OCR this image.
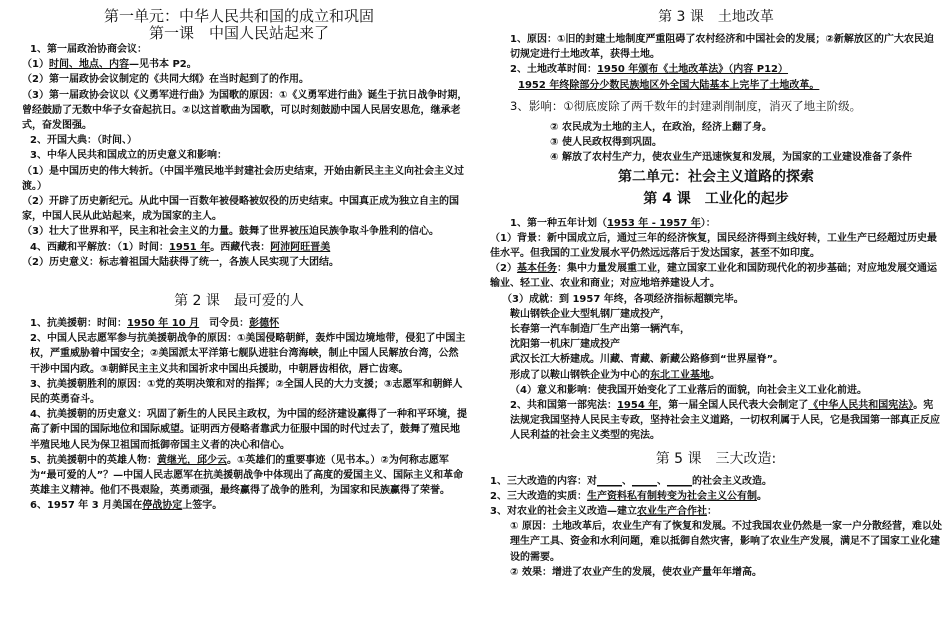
第一单元：中华人民共和国的成立和巩固

第一课　中国人民站起来了

1、第一届政治协商会议：

（1）时间、地点、内容—见书本 P2。

（2）第一届政协会议制定的《共同大纲》在当时起到了的作用。

（3）第一届政协会议以《义勇军进行曲》为国歌的原因：①《义勇军进行曲》诞生于抗日战争时期，曾经鼓励了无数中华子女奋起抗日。②以这首歌曲为国歌，可以时刻鼓励中国人民居安思危，继承老式，奋发图强。

2、开国大典：（时间、）

3、中华人民共和国成立的历史意义和影响：

（1）是中国历史的伟大转折。（中国半殖民地半封建社会历史结束，开始由新民主主义向社会主义过渡。）

（2）开辟了历史新纪元。从此中国一百数年被侵略被奴役的历史结束。中国真正成为独立自主的国家，中国人民从此站起来，成为国家的主人。

（3）壮大了世界和平，民主和社会主义的力量。鼓舞了世界被压迫民族争取斗争胜利的信心。

4、西藏和平解放：（1）时间：1951 年。西藏代表：阿沛阿旺晋美

（2）历史意义：标志着祖国大陆获得了统一，各族人民实现了大团结。

第 2 课　最可爱的人

1、抗美援朝：时间：1950 年 10 月　司令员：彭德怀

2、中国人民志愿军参与抗美援朝战争的原因：①美国侵略朝鲜，轰炸中国边境地带，侵犯了中国主权，严重威胁着中国安全；②美国派太平洋第七舰队进驻台湾海峡，制止中国人民解放台湾，公然干涉中国内政。③朝鲜民主主义共和国祈求中国出兵援助，中朝唇齿相依，唇亡齿寒。

3、抗美援朝胜利的原因：①党的英明决策和对的指挥；②全国人民的大力支援；③志愿军和朝鲜人民的英勇奋斗。

4、抗美援朝的历史意义：巩固了新生的人民民主政权，为中国的经济建设赢得了一种和平环境，提高了新中国的国际地位和国际威望。证明西方侵略者靠武力征服中国的时代过去了，鼓舞了殖民地半殖民地人民为保卫祖国而抵御帝国主义者的决心和信心。

5、抗美援朝中的英雄人物：黄继光，邱少云。①英雄们的重要事迹（见书本。）②为何称志愿军为“最可爱的人”？—中国人民志愿军在抗美援朝战争中体现出了高度的爱国主义、国际主义和革命英雄主义精神。他们不畏艰险，英勇顽强，最终赢得了战争的胜利，为国家和民族赢得了荣誉。

6、1957 年 3 月美国在停战协定上签字。

第 3 课　土地改革

1、原因：①旧的封建土地制度严重阻碍了农村经济和中国社会的发展；②新解放区的广大农民迫切规定进行土地改革，获得土地。

2、土地改革时间：1950 年颁布《土地改革法》（内容 P12）

1952 年终除部分少数民族地区外全国大陆基本上完毕了土地改革。

3、影响：①彻底废除了两千数年的封建剥削制度，消灭了地主阶级。

② 农民成为土地的主人，在政治，经济上翻了身。

③ 使人民政权得到巩固。

④ 解放了农村生产力，使农业生产迅速恢复和发展，为国家的工业建设准备了条件

第二单元：社会主义道路的探索

第 4 课　工业化的起步

1、第一种五年计划（1953 年 - 1957 年）：

（1）背景：新中国成立后，通过三年的经济恢复，国民经济得到主线好转，工业生产已经超过历史最佳水平。但我国的工业发展水平仍然远远落后于发达国家，甚至不如印度。

（2）基本任务：集中力量发展重工业，建立国家工业化和国防现代化的初步基础；对应地发展交通运输业、轻工业、农业和商业；对应地培养建设人才。

（3）成就：到 1957 年终，各项经济指标超额完毕。

鞍山钢铁企业大型轧钢厂建成投产，

长春第一汽车制造厂生产出第一辆汽车，

沈阳第一机床厂建成投产

武汉长江大桥建成。川藏、青藏、新藏公路修到“世界屋脊”。

形成了以鞍山钢铁企业为中心的东北工业基地。

（4）意义和影响：使我国开始变化了工业落后的面貌，向社会主义工业化前进。

2、共和国第一部宪法：1954 年，第一届全国人民代表大会制定了《中华人民共和国宪法》。宪法规定我国坚持人民民主专政，坚持社会主义道路，一切权利属于人民，它是我国第一部真正反应人民利益的社会主义类型的宪法。

第 5 课　三大改造:

1、三大改造的内容：对_____、_____、_____的社会主义改造。

2、三大改造的实质：生产资料私有制转变为社会主义公有制。

3、对农业的社会主义改造—建立农业生产合作社：

① 原因：土地改革后，农业生产有了恢复和发展。不过我国农业仍然是一家一户分散经营，难以处理生产工具、资金和水利问题，难以抵御自然灾害，影响了农业生产发展，满足不了国家工业化建设的需要。

② 效果：增进了农业产生的发展，使农业产量年年增高。
